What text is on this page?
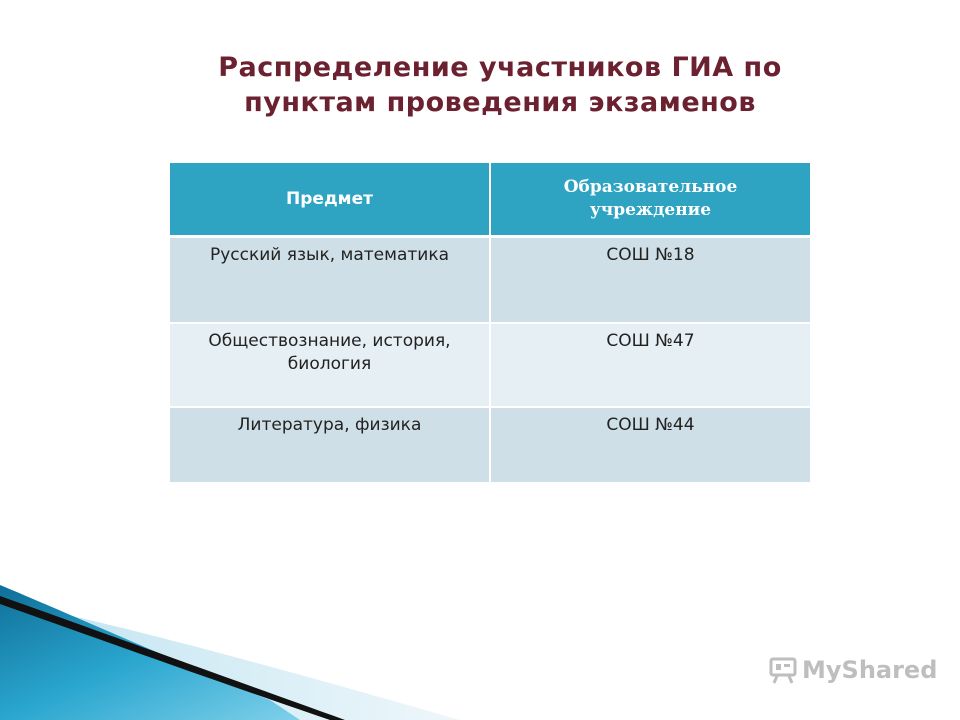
Распределение участников ГИА по
пунктам проведения экзаменов
Предмет	Образовательное учреждение
Русский язык, математика	СОШ №18
Обществознание, история, биология	СОШ №47
Литература, физика	СОШ №44
MyShared
